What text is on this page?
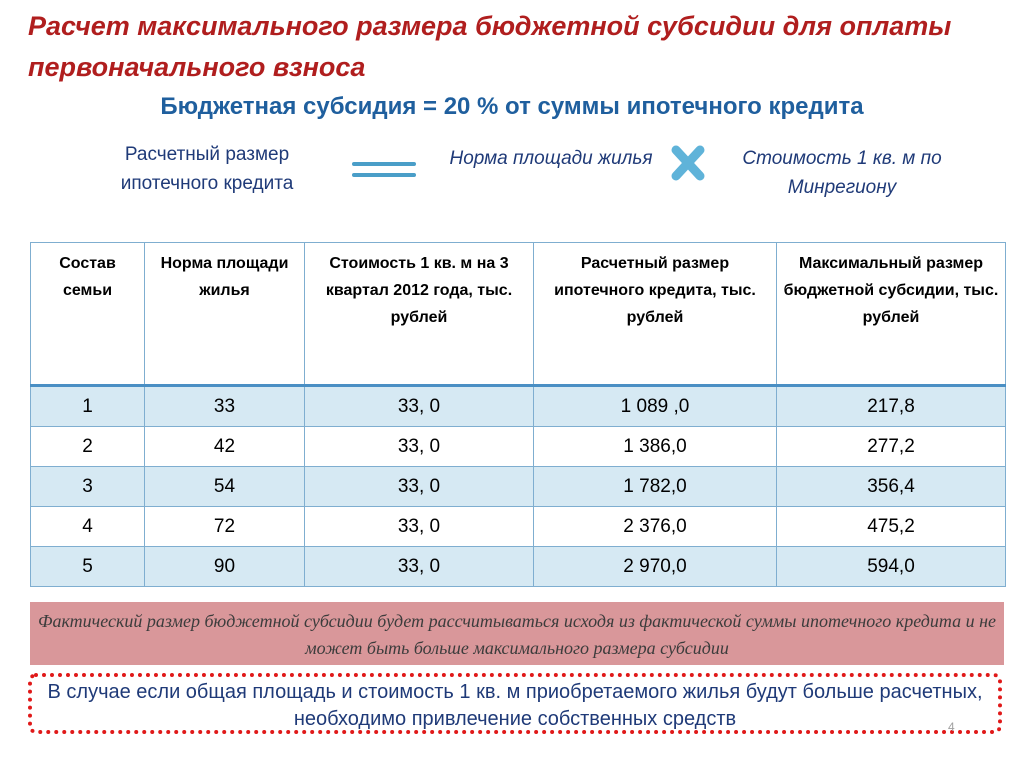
Расчет максимального размера бюджетной субсидии для оплаты первоначального взноса
Бюджетная субсидия = 20 % от суммы ипотечного кредита
Расчетный размер ипотечного кредита
Норма площади жилья	Стоимость 1 кв. м по Минрегиону
Состав семьи	Норма площади жилья	Стоимость 1 кв. м на 3 квартал 2012 года, тыс. рублей	Расчетный размер ипотечного кредита, тыс. рублей	Максимальный размер бюджетной субсидии, тыс. рублей
1	33	33, 0	1 089 ,0	217,8
2	42	33, 0	1 386,0	277,2
3	54	33, 0	1 782,0	356,4
4	72	33, 0	2 376,0	475,2
5	90	33, 0	2 970,0	594,0
Фактический размер бюджетной субсидии будет рассчитываться исходя из фактической суммы ипотечного кредита и не может быть больше максимального размера субсидии
В случае если общая площадь и стоимость 1 кв. м приобретаемого жилья будут больше расчетных, необходимо привлечение собственных средств	4
